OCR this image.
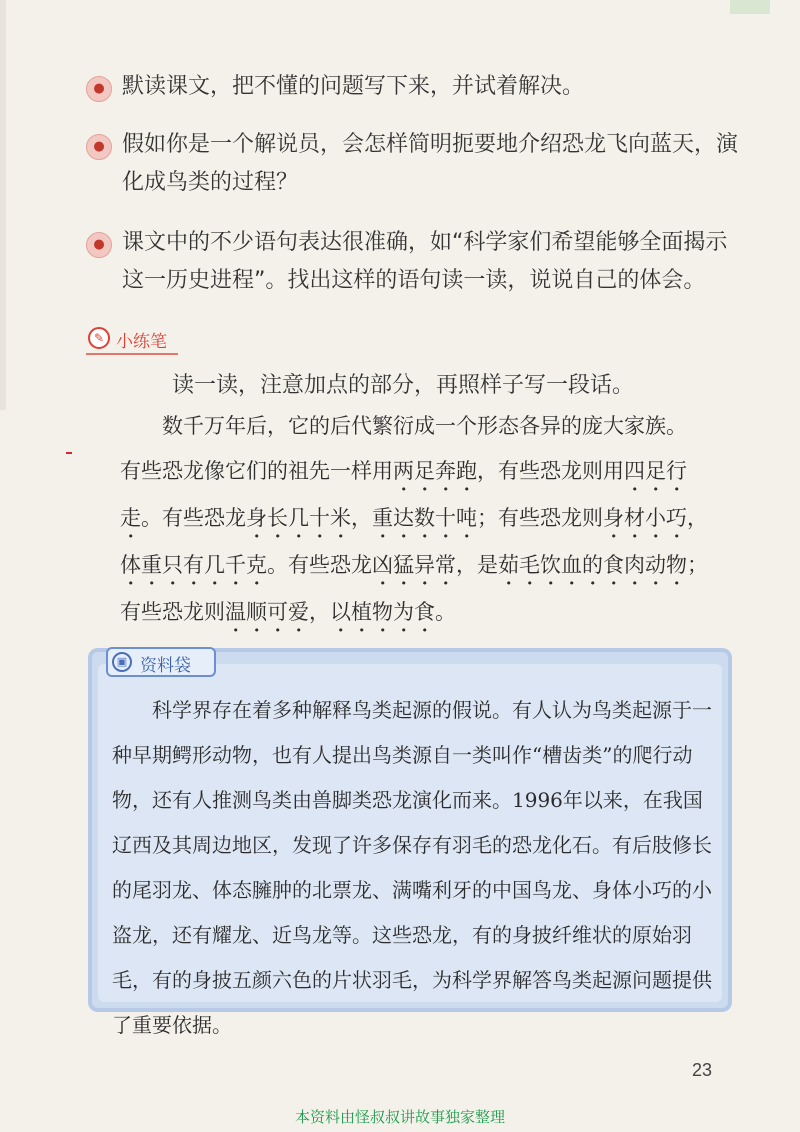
● 默读课文，把不懂的问题写下来，并试着解决。
● 假如你是一个解说员，会怎样简明扼要地介绍恐龙飞向蓝天，演化成鸟类的过程？
● 课文中的不少语句表达很准确，如“科学家们希望能够全面揭示这一历史进程”。找出这样的语句读一读，说说自己的体会。
✎ 小练笔
读一读，注意加点的部分，再照样子写一段话。
数千万年后，它的后代繁衍成一个形态各异的庞大家族。
有些恐龙像它们的祖先一样用两足奔跑，有些恐龙则用四足行走。有些恐龙身长几十米，重达数十吨；有些恐龙则身材小巧，体重只有几千克。有些恐龙凶猛异常，是茹毛饮血的食肉动物；有些恐龙则温顺可爱，以植物为食。
▣ 资料袋
科学界存在着多种解释鸟类起源的假说。有人认为鸟类起源于一种早期鳄形动物，也有人提出鸟类源自一类叫作“槽齿类”的爬行动物，还有人推测鸟类由兽脚类恐龙演化而来。1996年以来，在我国辽西及其周边地区，发现了许多保存有羽毛的恐龙化石。有后肢修长的尾羽龙、体态臃肿的北票龙、满嘴利牙的中国鸟龙、身体小巧的小盗龙，还有耀龙、近鸟龙等。这些恐龙，有的身披纤维状的原始羽毛，有的身披五颜六色的片状羽毛，为科学界解答鸟类起源问题提供了重要依据。
23
本资料由怪叔叔讲故事独家整理
